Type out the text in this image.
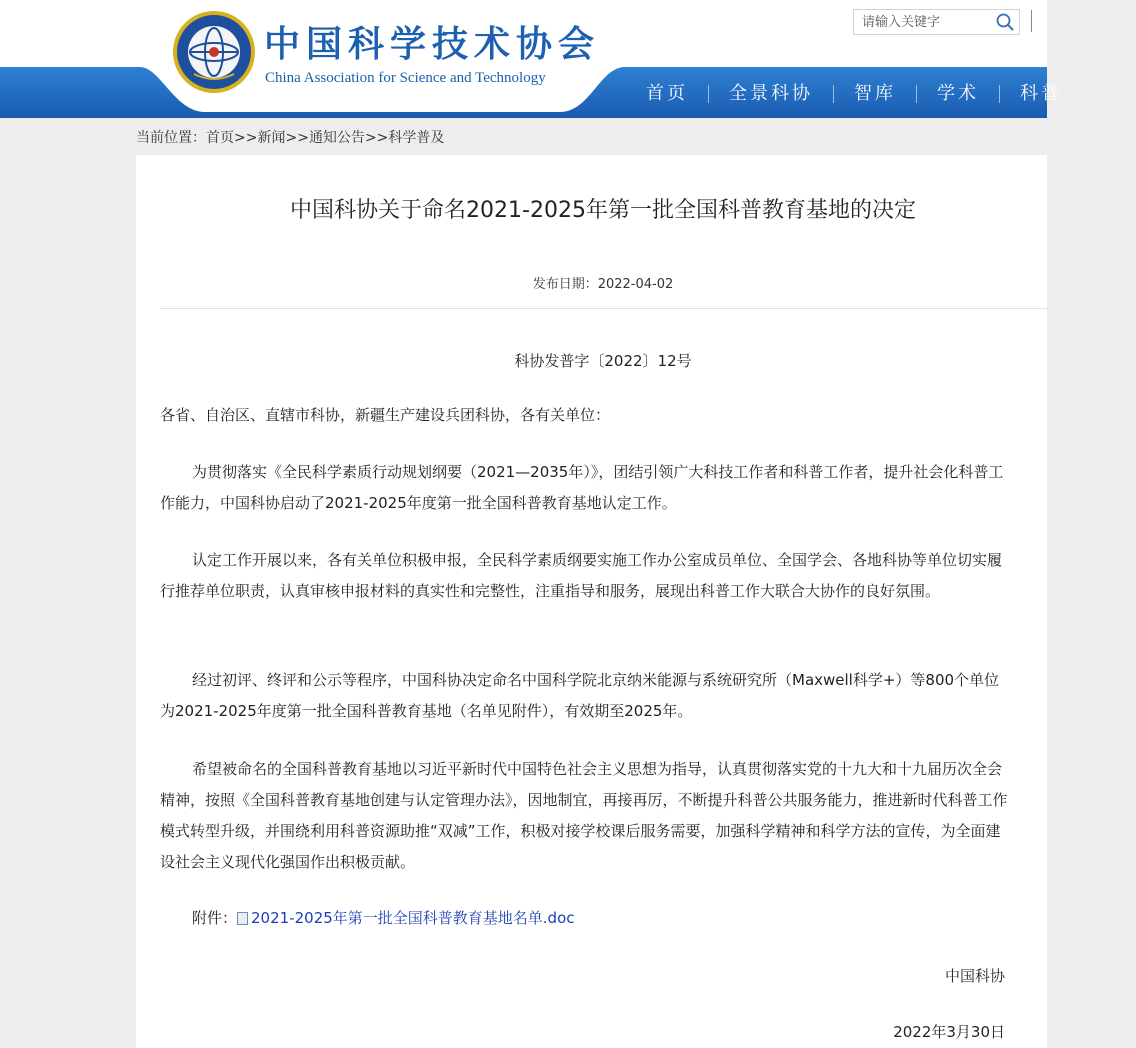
中国科学技术协会
China Association for Science and Technology
请输入关键字
首页	全景科协	智库	学术	科普
当前位置：首页>>新闻>>通知公告>>科学普及
中国科协关于命名2021-2025年第一批全国科普教育基地的决定
发布日期：2022-04-02
科协发普字〔2022〕12号
各省、自治区、直辖市科协，新疆生产建设兵团科协，各有关单位：
为贯彻落实《全民科学素质行动规划纲要（2021—2035年）》，团结引领广大科技工作者和科普工作者，提升社会化科普工作能力，中国科协启动了2021-2025年度第一批全国科普教育基地认定工作。
认定工作开展以来，各有关单位积极申报，全民科学素质纲要实施工作办公室成员单位、全国学会、各地科协等单位切实履行推荐单位职责，认真审核申报材料的真实性和完整性，注重指导和服务，展现出科普工作大联合大协作的良好氛围。
经过初评、终评和公示等程序，中国科协决定命名中国科学院北京纳米能源与系统研究所（Maxwell科学+）等800个单位为2021-2025年度第一批全国科普教育基地（名单见附件），有效期至2025年。
希望被命名的全国科普教育基地以习近平新时代中国特色社会主义思想为指导，认真贯彻落实党的十九大和十九届历次全会精神，按照《全国科普教育基地创建与认定管理办法》，因地制宜，再接再厉，不断提升科普公共服务能力，推进新时代科普工作模式转型升级，并围绕利用科普资源助推“双减”工作，积极对接学校课后服务需要，加强科学精神和科学方法的宣传，为全面建设社会主义现代化强国作出积极贡献。
附件： 2021-2025年第一批全国科普教育基地名单.doc
中国科协
2022年3月30日
